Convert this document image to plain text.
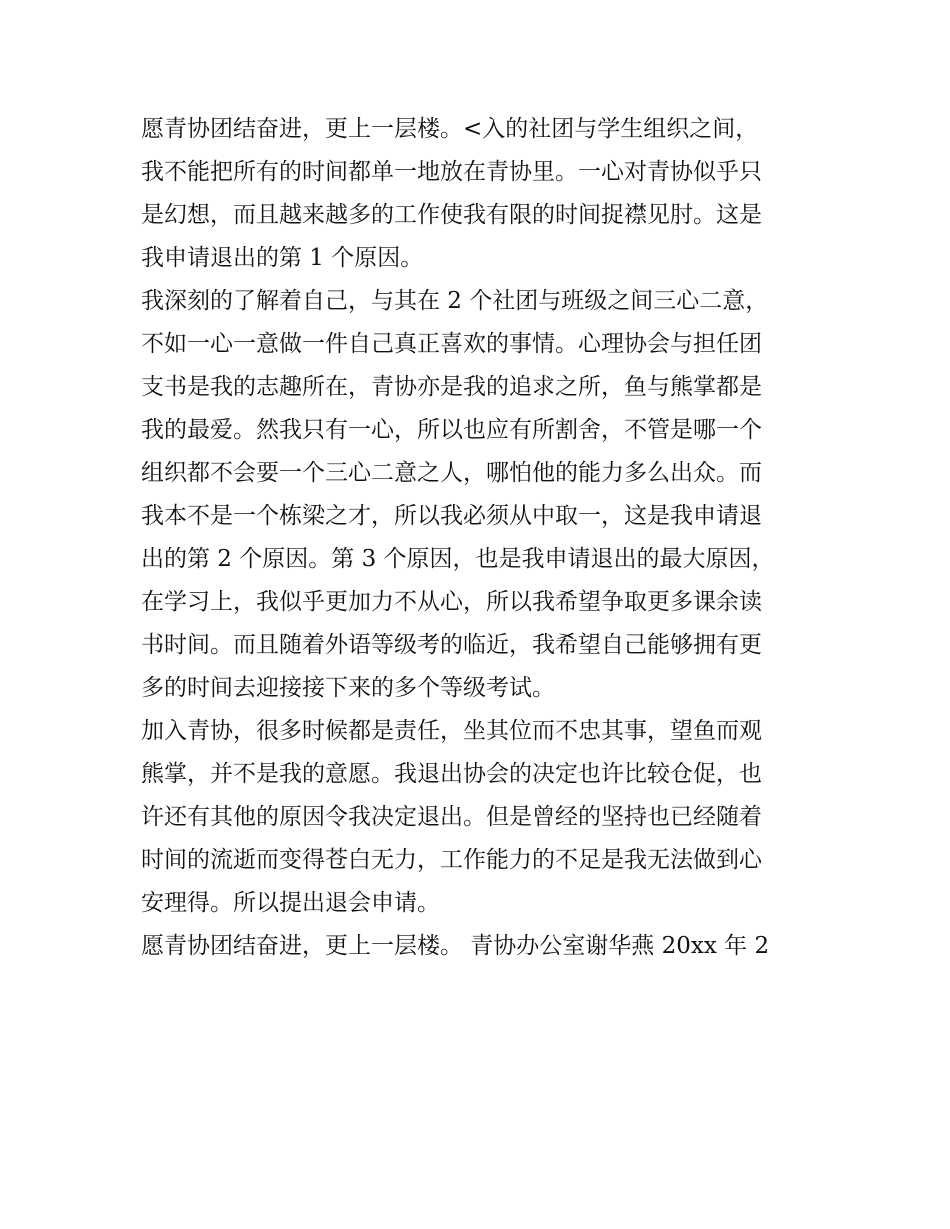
愿青协团结奋进，更上一层楼。<入的社团与学生组织之间，
我不能把所有的时间都单一地放在青协里。一心对青协似乎只
是幻想，而且越来越多的工作使我有限的时间捉襟见肘。这是
我申请退出的第 1 个原因。
我深刻的了解着自己，与其在 2 个社团与班级之间三心二意，
不如一心一意做一件自己真正喜欢的事情。心理协会与担任团
支书是我的志趣所在，青协亦是我的追求之所，鱼与熊掌都是
我的最爱。然我只有一心，所以也应有所割舍，不管是哪一个
组织都不会要一个三心二意之人，哪怕他的能力多么出众。而
我本不是一个栋梁之才，所以我必须从中取一，这是我申请退
出的第 2 个原因。第 3 个原因，也是我申请退出的最大原因，
在学习上，我似乎更加力不从心，所以我希望争取更多课余读
书时间。而且随着外语等级考的临近，我希望自己能够拥有更
多的时间去迎接接下来的多个等级考试。
加入青协，很多时候都是责任，坐其位而不忠其事，望鱼而观
熊掌，并不是我的意愿。我退出协会的决定也许比较仓促，也
许还有其他的原因令我决定退出。但是曾经的坚持也已经随着
时间的流逝而变得苍白无力，工作能力的不足是我无法做到心
安理得。所以提出退会申请。
愿青协团结奋进，更上一层楼。 青协办公室谢华燕 20xx 年 2
